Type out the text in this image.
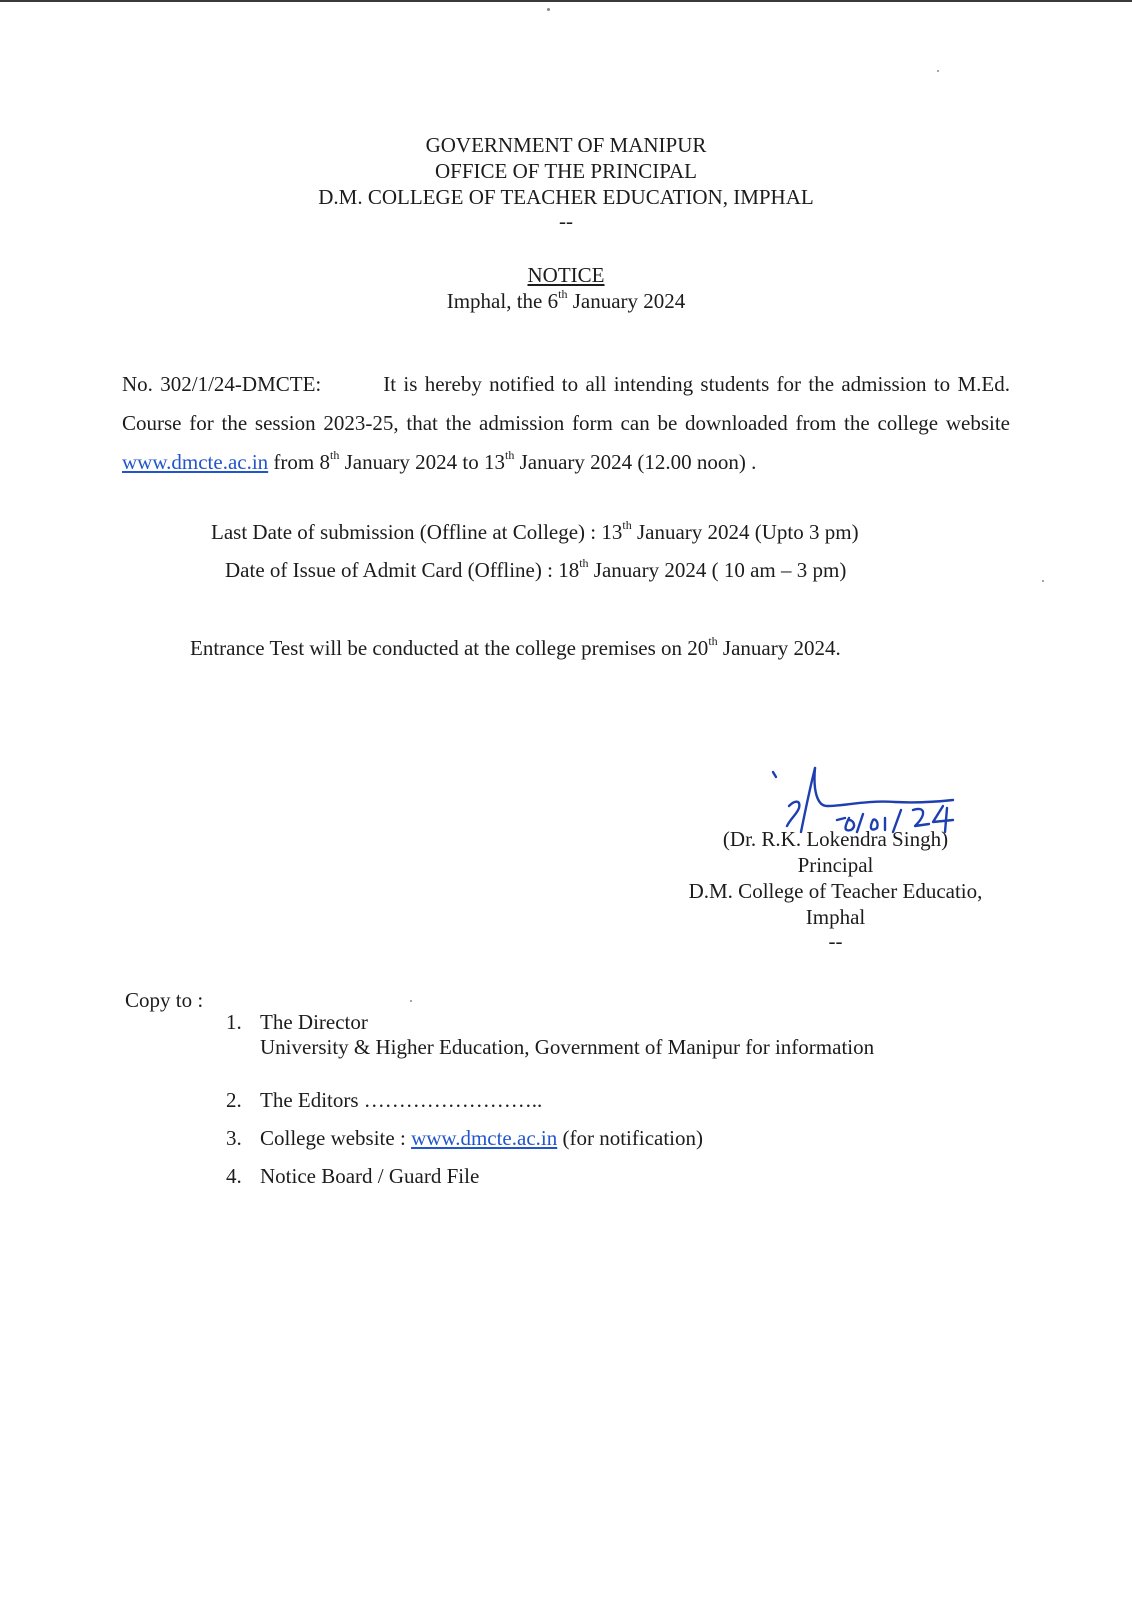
GOVERNMENT OF MANIPUR
OFFICE OF THE PRINCIPAL
D.M. COLLEGE OF TEACHER EDUCATION, IMPHAL
--
NOTICE
Imphal, the 6th January 2024
No. 302/1/24-DMCTE:	It is hereby notified to all intending students for the admission to M.Ed. Course for the session 2023-25, that the admission form can be downloaded from the college website www.dmcte.ac.in from 8th January 2024 to 13th January 2024 (12.00 noon) .
Last Date of submission (Offline at College) : 13th January 2024 (Upto 3 pm)
Date of Issue of Admit Card (Offline) : 18th January 2024 ( 10 am – 3 pm)
Entrance Test will be conducted at the college premises on 20th January 2024.
06/01/24
(Dr. R.K. Lokendra Singh)
Principal
D.M. College of Teacher Educatio,
Imphal
--
Copy to :
1. The Director
University & Higher Education, Government of Manipur for information
2. The Editors ……………………..
3. College website : www.dmcte.ac.in (for notification)
4. Notice Board / Guard File
